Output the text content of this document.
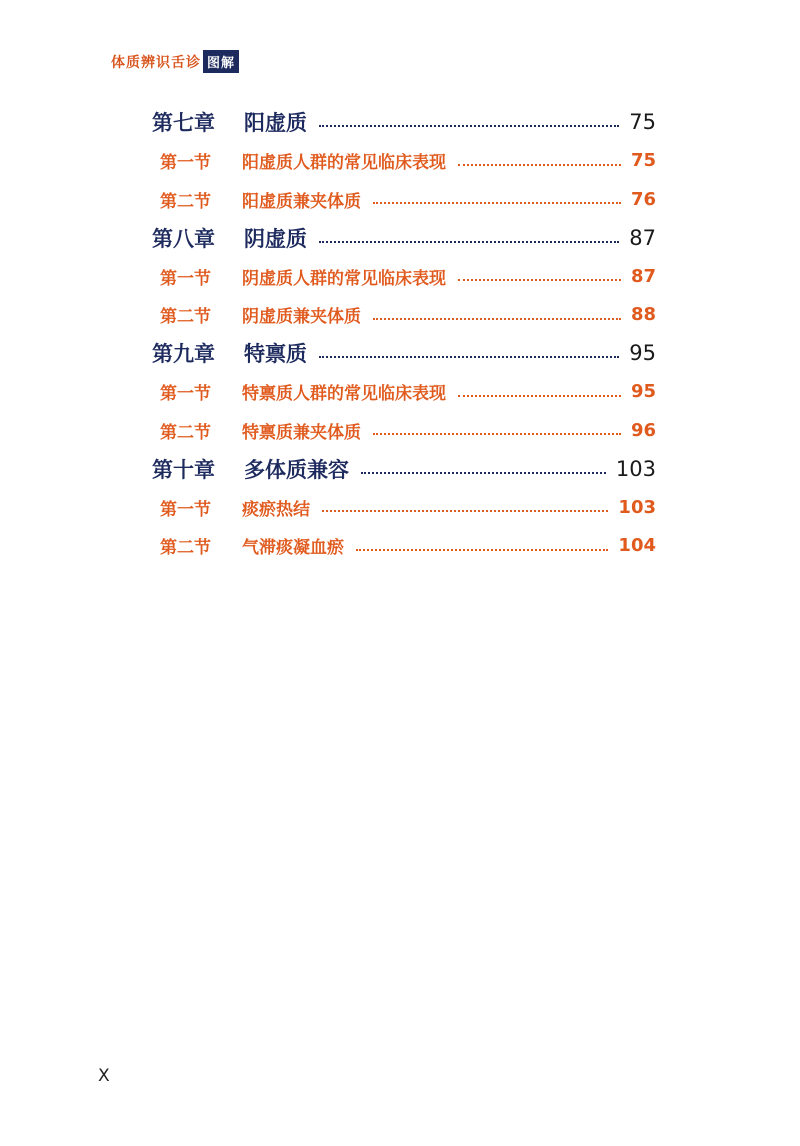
体质辨识舌诊 图解
第七章	阳虚质	75
第一节	阳虚质人群的常见临床表现	75
第二节	阳虚质兼夹体质	76
第八章	阴虚质	87
第一节	阴虚质人群的常见临床表现	87
第二节	阴虚质兼夹体质	88
第九章	特禀质	95
第一节	特禀质人群的常见临床表现	95
第二节	特禀质兼夹体质	96
第十章	多体质兼容	103
第一节	痰瘀热结	103
第二节	气滞痰凝血瘀	104
X
